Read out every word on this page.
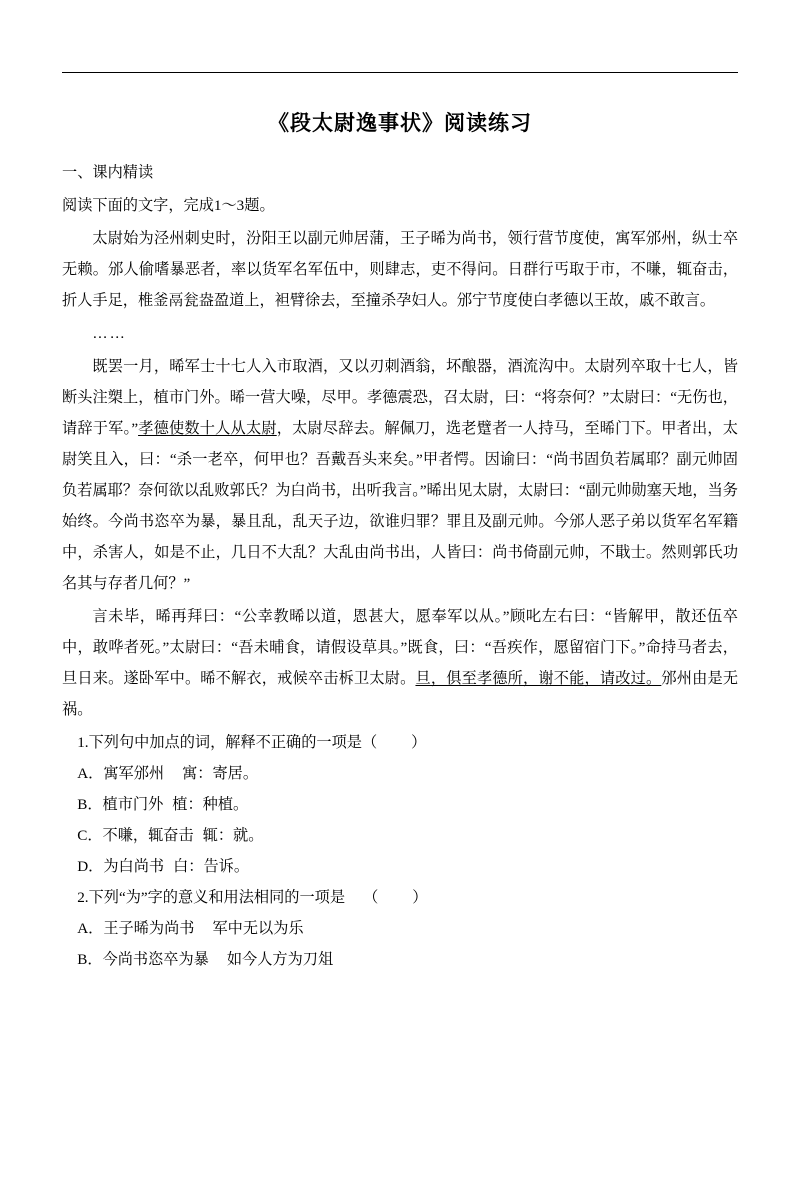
《段太尉逸事状》阅读练习

一、课内精读

阅读下面的文字，完成1～3题。

太尉始为泾州刺史时，汾阳王以副元帅居蒲，王子晞为尚书，领行营节度使，寓军邠州，纵士卒无赖。邠人偷嗜暴恶者，率以货军名军伍中，则肆志，吏不得问。日群行丐取于市，不嗛，辄奋击，折人手足，椎釜鬲瓮盎盈道上，袒臂徐去，至撞杀孕妇人。邠宁节度使白孝德以王故，戚不敢言。

……

既罢一月，晞军士十七人入市取酒，又以刃刺酒翁，坏酿器，酒流沟中。太尉列卒取十七人，皆断头注槊上，植市门外。晞一营大噪，尽甲。孝德震恐，召太尉，曰：“将奈何？”太尉曰：“无伤也，请辞于军。”孝德使数十人从太尉，太尉尽辞去。解佩刀，选老躄者一人持马，至晞门下。甲者出，太尉笑且入，曰：“杀一老卒，何甲也？吾戴吾头来矣。”甲者愕。因谕曰：“尚书固负若属耶？副元帅固负若属耶？奈何欲以乱败郭氏？为白尚书，出听我言。”晞出见太尉，太尉曰：“副元帅勋塞天地，当务始终。今尚书恣卒为暴，暴且乱，乱天子边，欲谁归罪？罪且及副元帅。今邠人恶子弟以货军名军籍中，杀害人，如是不止，几日不大乱？大乱由尚书出，人皆曰：尚书倚副元帅，不戢士。然则郭氏功名其与存者几何？”

言未毕，晞再拜曰：“公幸教晞以道，恩甚大，愿奉军以从。”顾叱左右曰：“皆解甲，散还伍卒中，敢哗者死。”太尉曰：“吾未晡食，请假设草具。”既食，曰：“吾疾作，愿留宿门下。”命持马者去，旦日来。遂卧军中。晞不解衣，戒候卒击柝卫太尉。旦，俱至孝德所，谢不能，请改过。邠州由是无祸。

1.下列句中加点的词，解释不正确的一项是（ ）

A．寓军邠州 寓：寄居。

B．植市门外 植：种植。

C．不嗛，辄奋击 辄：就。

D．为白尚书 白：告诉。

2.下列“为”字的意义和用法相同的一项是 （ ）

A．王子晞为尚书 军中无以为乐

B．今尚书恣卒为暴 如今人方为刀俎
